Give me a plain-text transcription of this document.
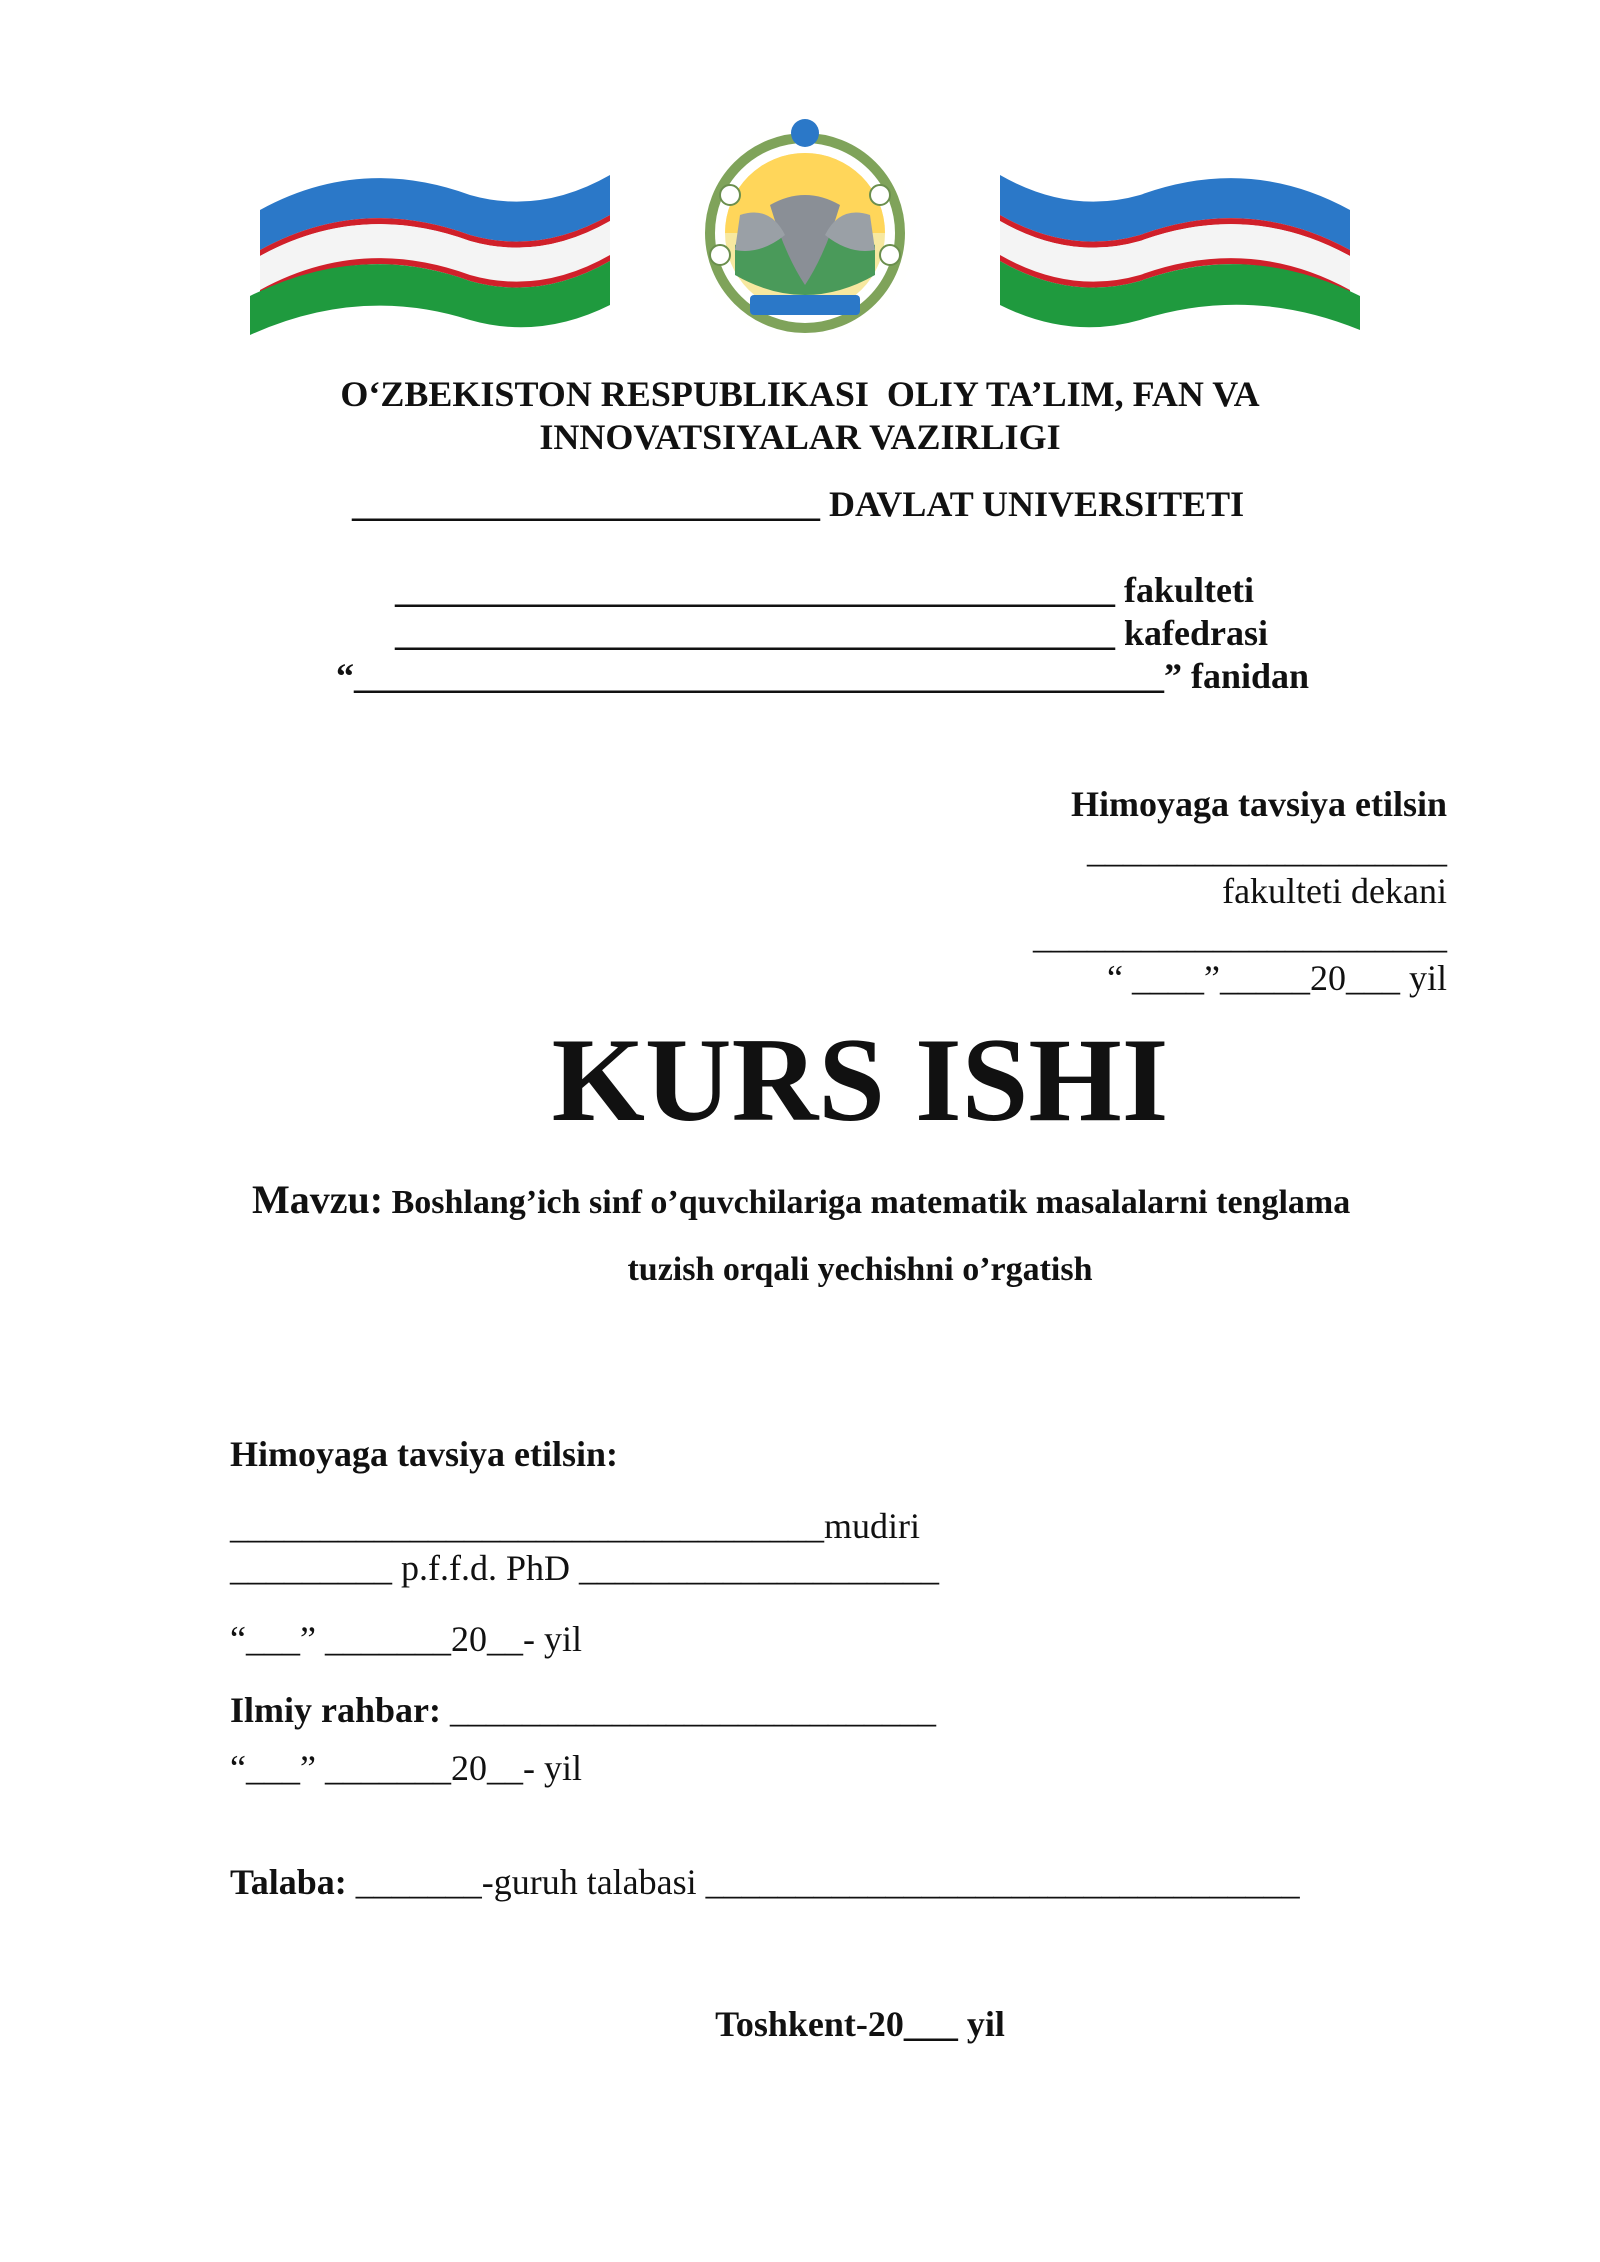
O‘ZBEKISTON RESPUBLIKASI  OLIY TA’LIM, FAN VA
INNOVATSIYALAR VAZIRLIGI
__________________________ DAVLAT UNIVERSITETI
________________________________________ fakulteti
________________________________________ kafedrasi
“_____________________________________________” fanidan
Himoyaga tavsiya etilsin
____________________
fakulteti dekani
_______________________
“ ____”_____20___ yil
KURS ISHI
Mavzu: Boshlang’ich sinf o’quvchilariga matematik masalalarni tenglama
tuzish orqali yechishni o’rgatish
Himoyaga tavsiya etilsin:
_________________________________mudiri
_________ p.f.f.d. PhD ____________________
“___” _______20__- yil
Ilmiy rahbar: ___________________________
“___” _______20__- yil
Talaba: _______-guruh talabasi _________________________________
Toshkent-20___ yil
